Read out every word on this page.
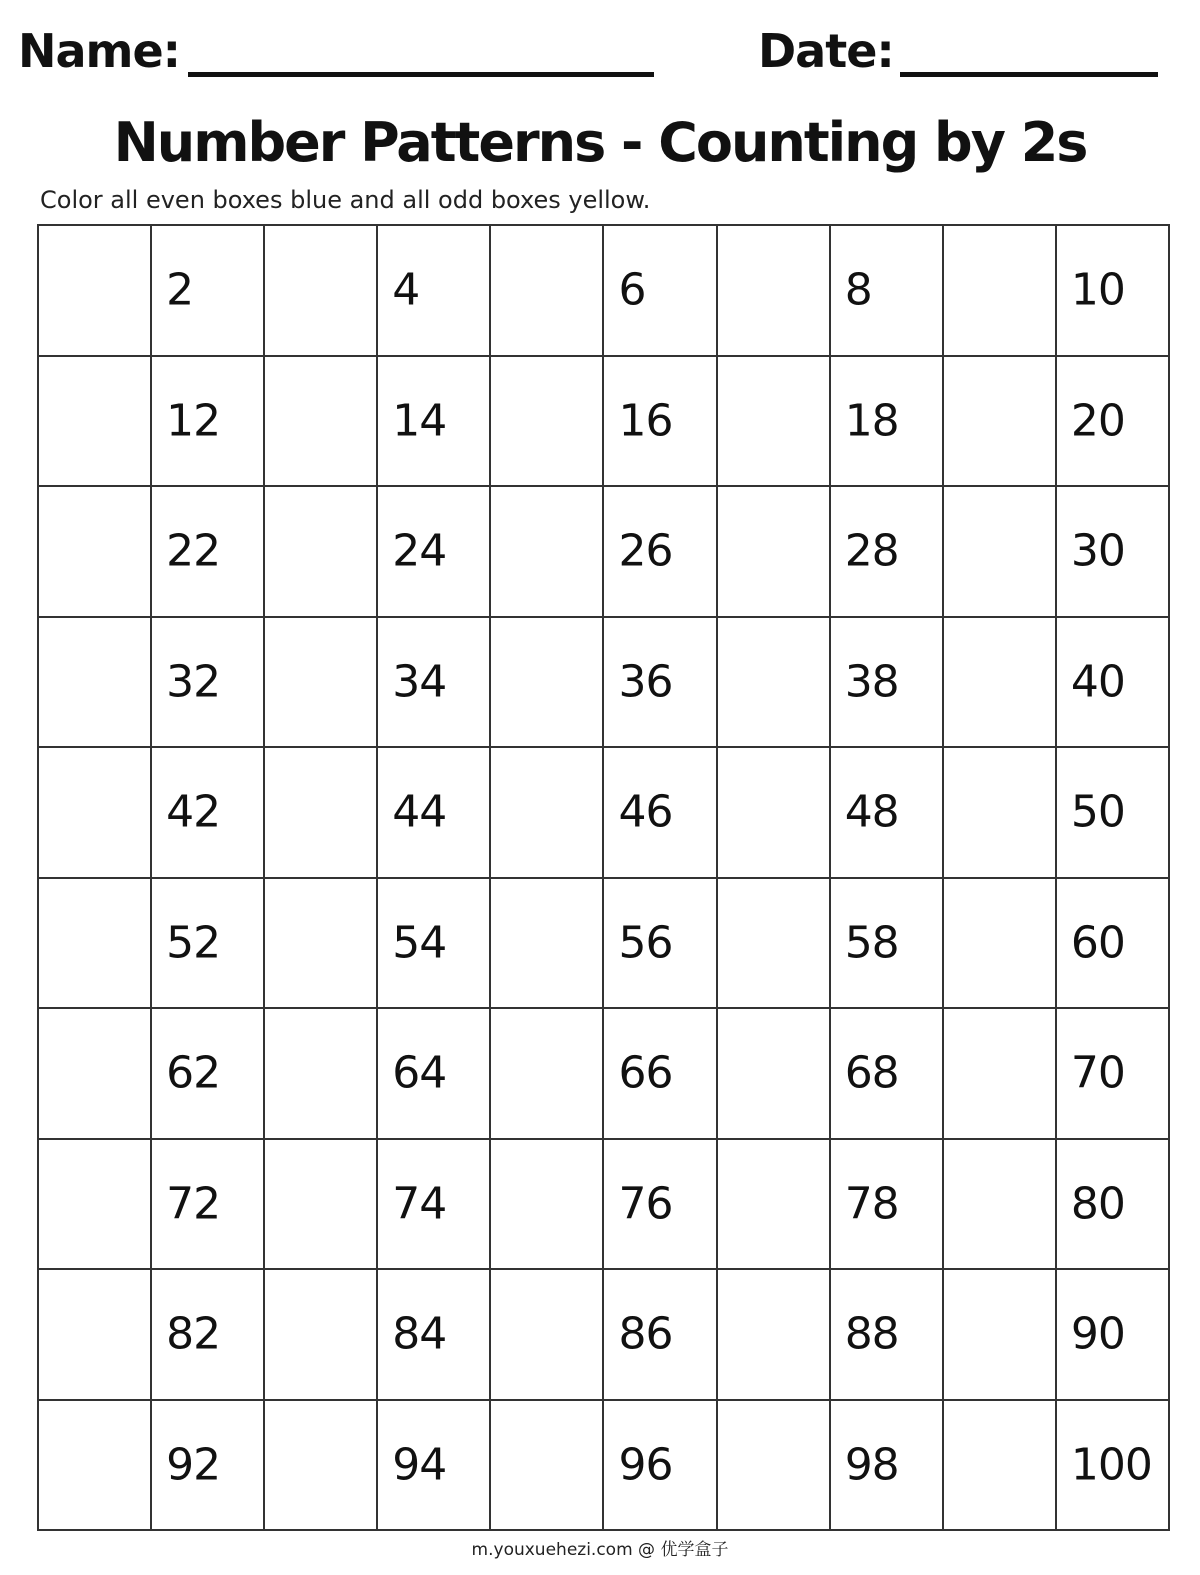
Name:	Date:
Number Patterns - Counting by 2s
Color all even boxes blue and all odd boxes yellow.
2	4	6	8	10
12	14	16	18	20
22	24	26	28	30
32	34	36	38	40
42	44	46	48	50
52	54	56	58	60
62	64	66	68	70
72	74	76	78	80
82	84	86	88	90
92	94	96	98	100
m.youxuehezi.com @ 优学盒子
